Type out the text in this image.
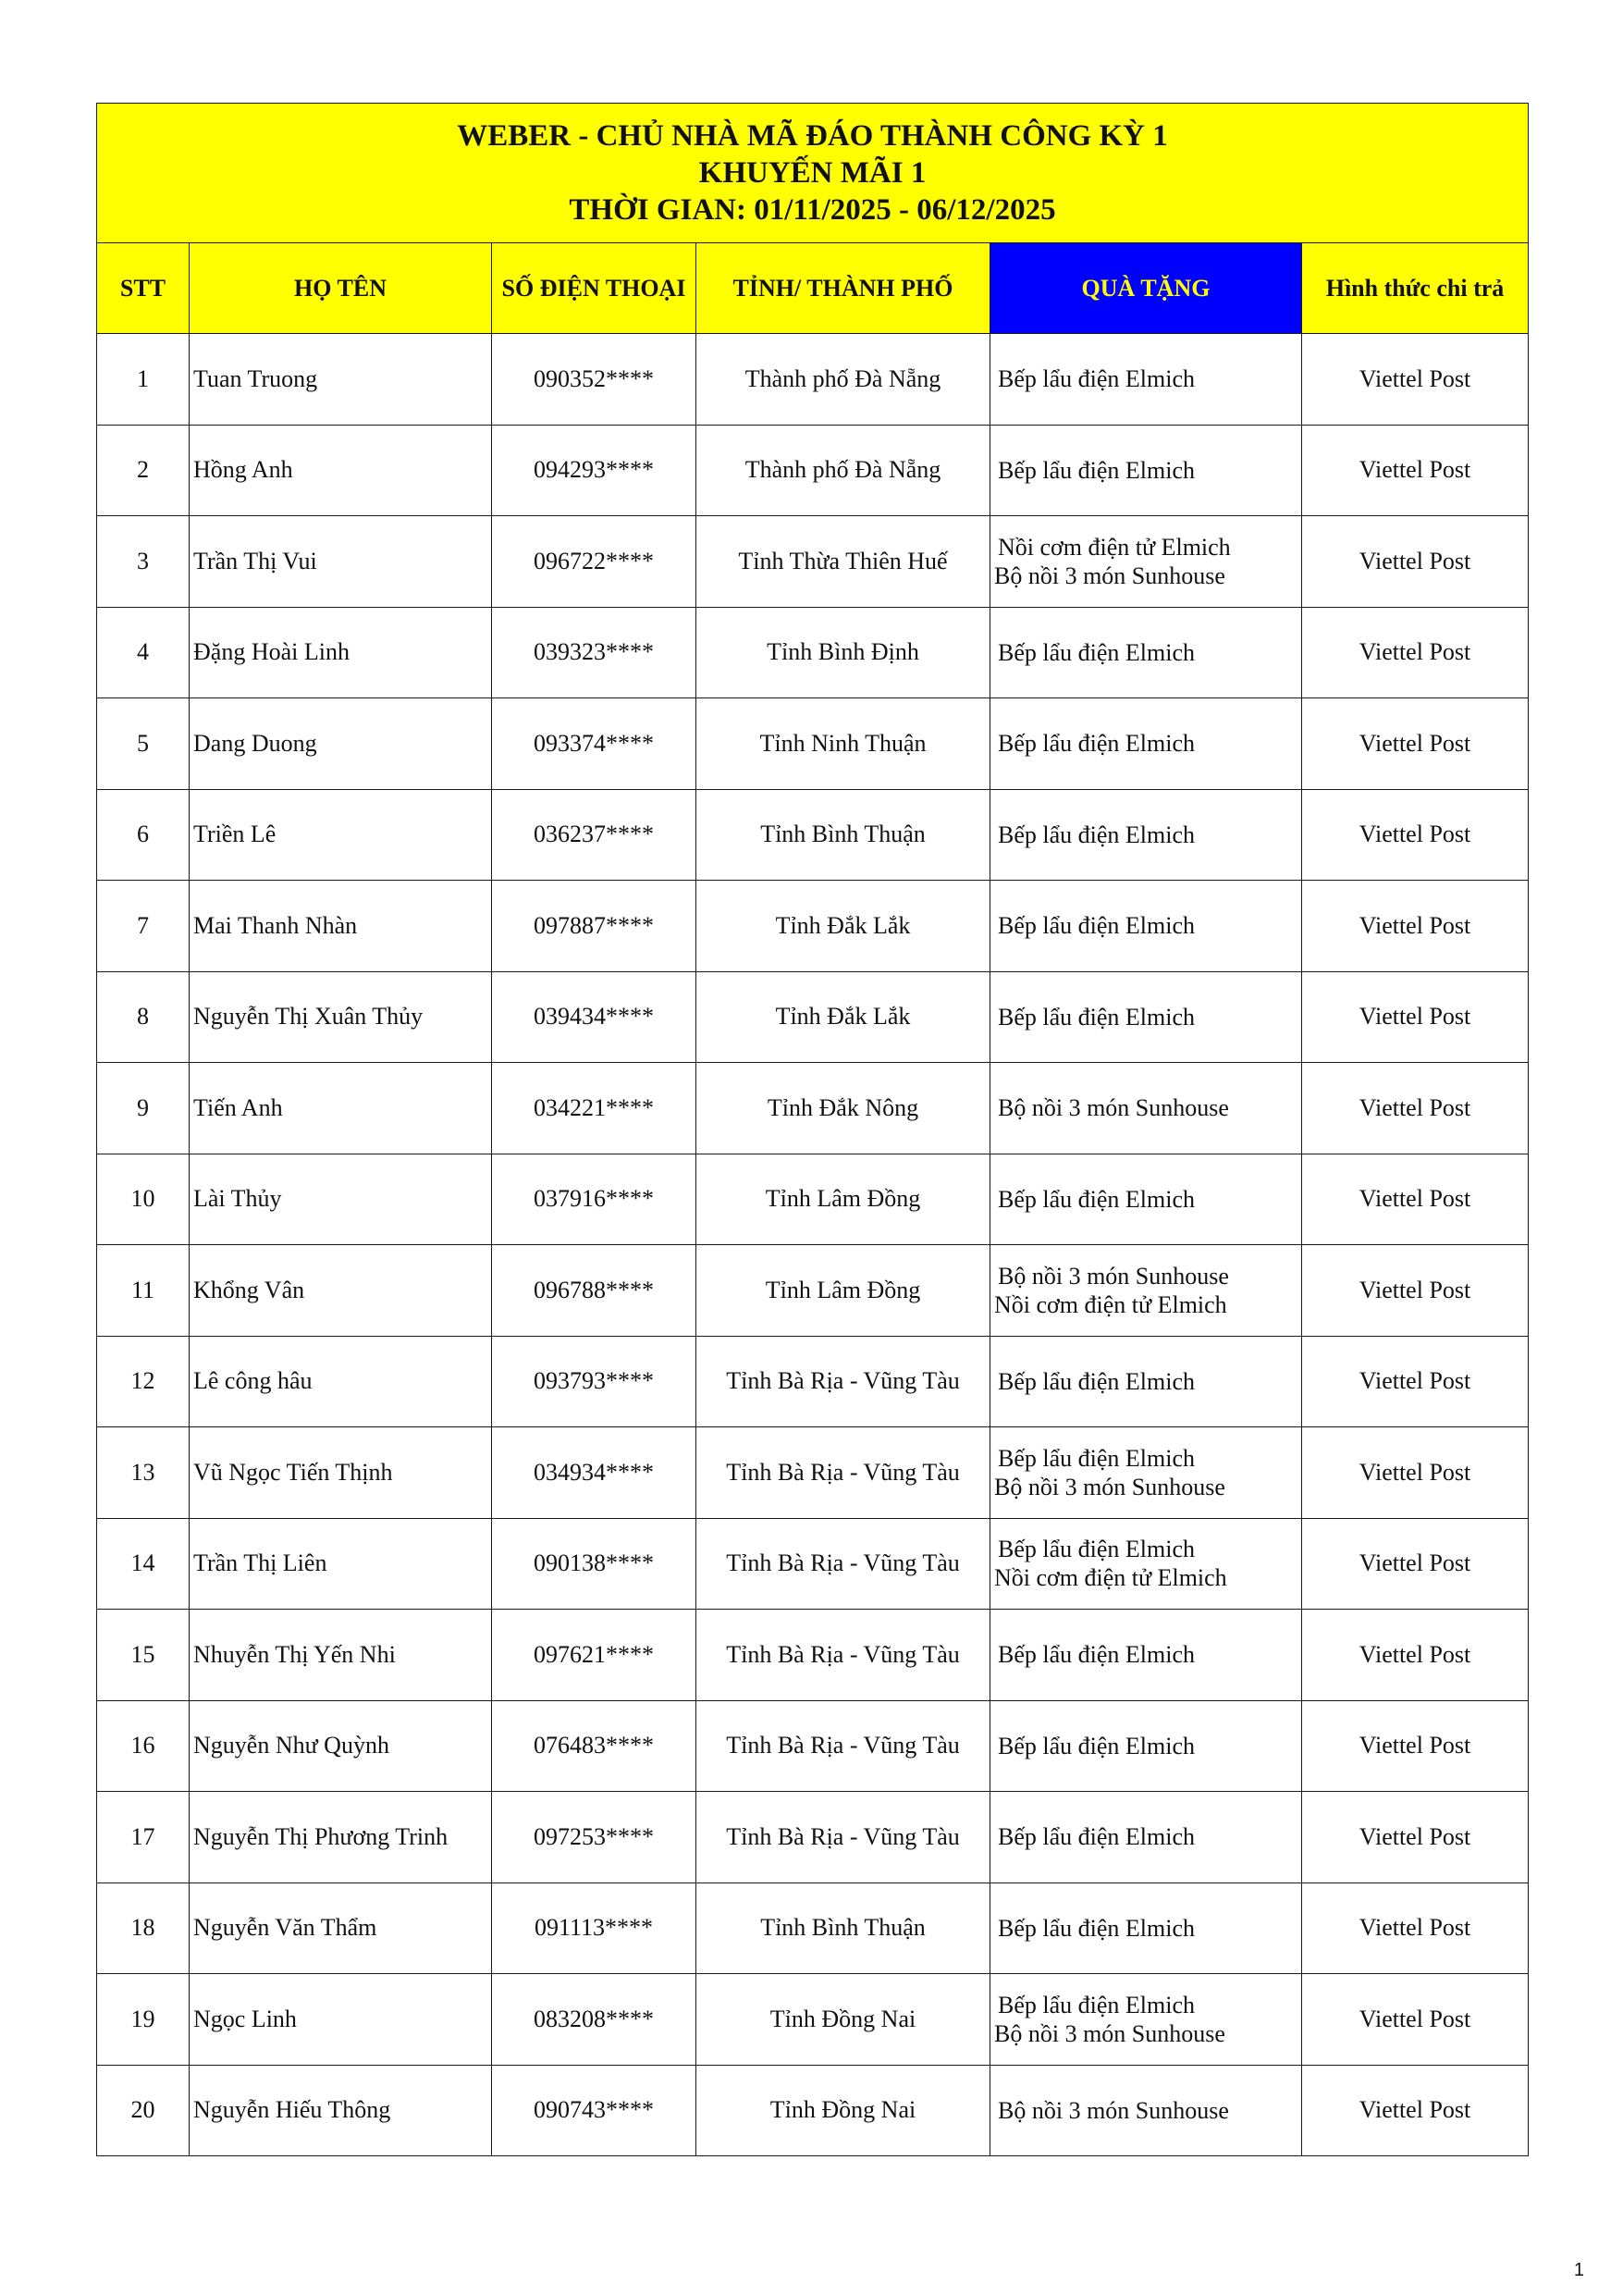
WEBER - CHỦ NHÀ MÃ ĐÁO THÀNH CÔNG KỲ 1
KHUYẾN MÃI 1
THỜI GIAN: 01/11/2025 - 06/12/2025					

STT	HỌ TÊN	SỐ ĐIỆN THOẠI	TỈNH/ THÀNH PHỐ	QUÀ TẶNG	Hình thức chi trả
1	Tuan Truong	090352****	Thành phố Đà Nẵng	Bếp lẩu điện Elmich	Viettel Post
2	Hồng Anh	094293****	Thành phố Đà Nẵng	Bếp lẩu điện Elmich	Viettel Post
3	Trần Thị Vui	096722****	Tỉnh Thừa Thiên Huế	Nồi cơm điện tử Elmich
Bộ nồi 3 món Sunhouse	Viettel Post
4	Đặng Hoài Linh	039323****	Tỉnh Bình Định	Bếp lẩu điện Elmich	Viettel Post
5	Dang Duong	093374****	Tỉnh Ninh Thuận	Bếp lẩu điện Elmich	Viettel Post
6	Triền Lê	036237****	Tỉnh Bình Thuận	Bếp lẩu điện Elmich	Viettel Post
7	Mai Thanh Nhàn	097887****	Tỉnh Đắk Lắk	Bếp lẩu điện Elmich	Viettel Post
8	Nguyễn Thị Xuân Thủy	039434****	Tỉnh Đắk Lắk	Bếp lẩu điện Elmich	Viettel Post
9	Tiến Anh	034221****	Tỉnh Đắk Nông	Bộ nồi 3 món Sunhouse	Viettel Post
10	Lài Thủy	037916****	Tỉnh Lâm Đồng	Bếp lẩu điện Elmich	Viettel Post
11	Khổng Vân	096788****	Tỉnh Lâm Đồng	Bộ nồi 3 món Sunhouse
Nồi cơm điện tử Elmich	Viettel Post
12	Lê công hâu	093793****	Tỉnh Bà Rịa - Vũng Tàu	Bếp lẩu điện Elmich	Viettel Post
13	Vũ Ngọc Tiến Thịnh	034934****	Tỉnh Bà Rịa - Vũng Tàu	Bếp lẩu điện Elmich
Bộ nồi 3 món Sunhouse	Viettel Post
14	Trần Thị Liên	090138****	Tỉnh Bà Rịa - Vũng Tàu	Bếp lẩu điện Elmich
Nồi cơm điện tử Elmich	Viettel Post
15	Nhuyễn Thị Yến Nhi	097621****	Tỉnh Bà Rịa - Vũng Tàu	Bếp lẩu điện Elmich	Viettel Post
16	Nguyễn Như Quỳnh	076483****	Tỉnh Bà Rịa - Vũng Tàu	Bếp lẩu điện Elmich	Viettel Post
17	Nguyễn Thị Phương Trinh	097253****	Tỉnh Bà Rịa - Vũng Tàu	Bếp lẩu điện Elmich	Viettel Post
18	Nguyễn Văn Thẩm	091113****	Tỉnh Bình Thuận	Bếp lẩu điện Elmich	Viettel Post
19	Ngọc Linh	083208****	Tỉnh Đồng Nai	Bếp lẩu điện Elmich
Bộ nồi 3 món Sunhouse	Viettel Post
20	Nguyễn Hiếu Thông	090743****	Tỉnh Đồng Nai	Bộ nồi 3 món Sunhouse	Viettel Post
1
